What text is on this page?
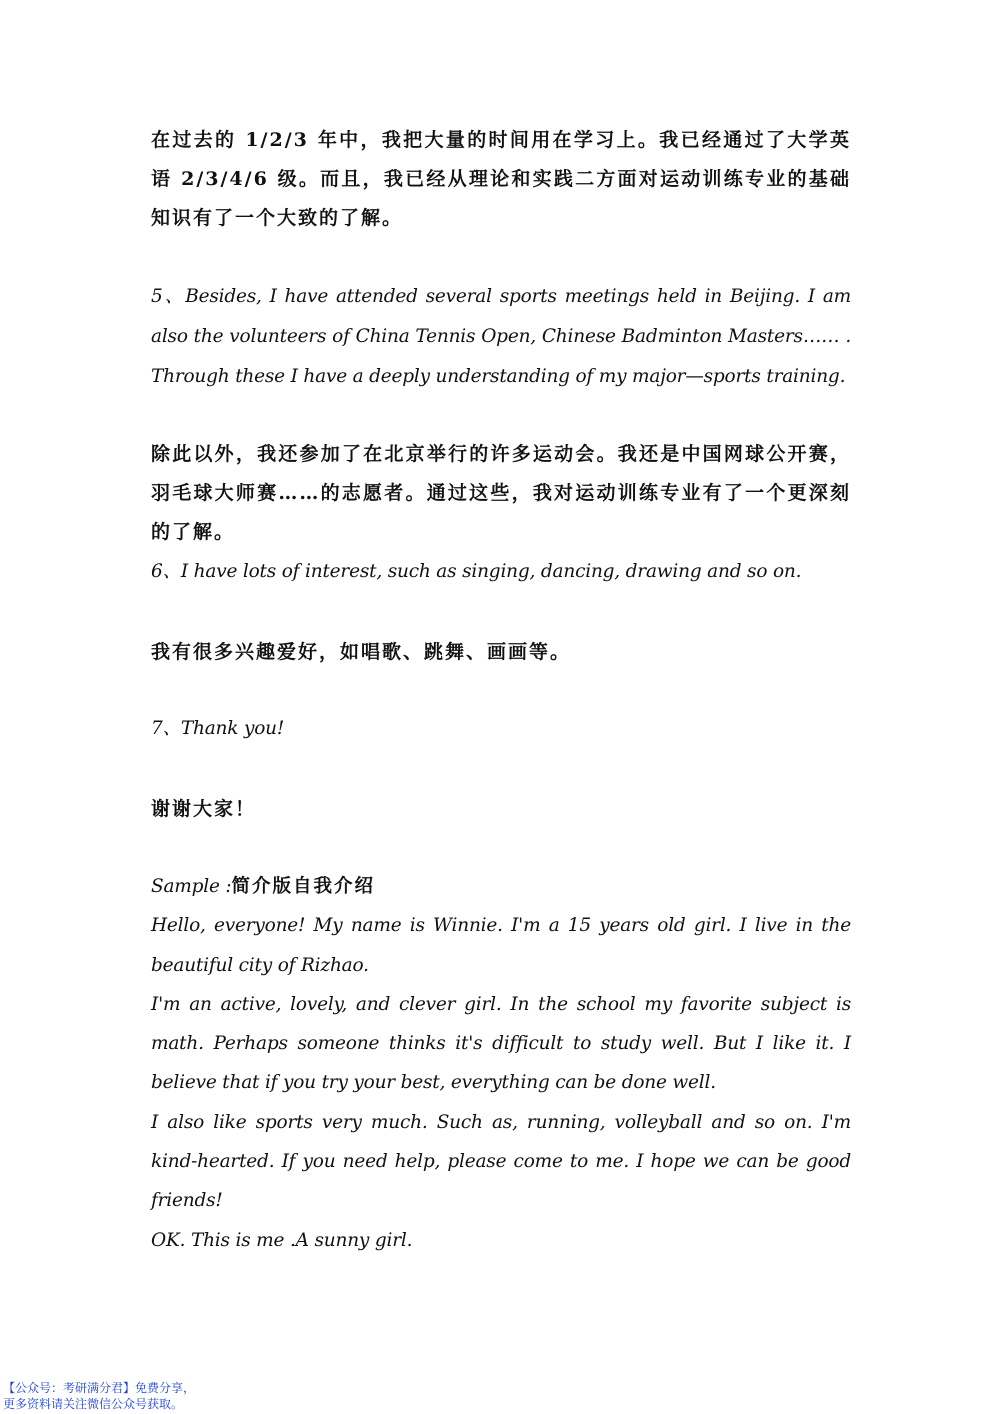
在过去的 1/2/3 年中，我把大量的时间用在学习上。我已经通过了大学英语 2/3/4/6 级。而且，我已经从理论和实践二方面对运动训练专业的基础知识有了一个大致的了解。

5、Besides, I have attended several sports meetings held in Beijing. I am also the volunteers of China Tennis Open, Chinese Badminton Masters…… . Through these I have a deeply understanding of my major—sports training.

除此以外，我还参加了在北京举行的许多运动会。我还是中国网球公开赛，羽毛球大师赛……的志愿者。通过这些，我对运动训练专业有了一个更深刻的了解。

6、I have lots of interest, such as singing, dancing, drawing and so on.

我有很多兴趣爱好，如唱歌、跳舞、画画等。

7、Thank you!

谢谢大家！

Sample :简介版自我介绍
Hello, everyone! My name is Winnie. I'm a 15 years old girl. I live in the beautiful city of Rizhao.
I'm an active, lovely, and clever girl. In the school my favorite subject is math. Perhaps someone thinks it's difficult to study well. But I like it. I believe that if you try your best, everything can be done well.
I also like sports very much. Such as, running, volleyball and so on. I'm kind-hearted. If you need help, please come to me. I hope we can be good friends!
OK. This is me .A sunny girl.
【公众号：考研满分君】免费分享，
更多资料请关注微信公众号获取。
